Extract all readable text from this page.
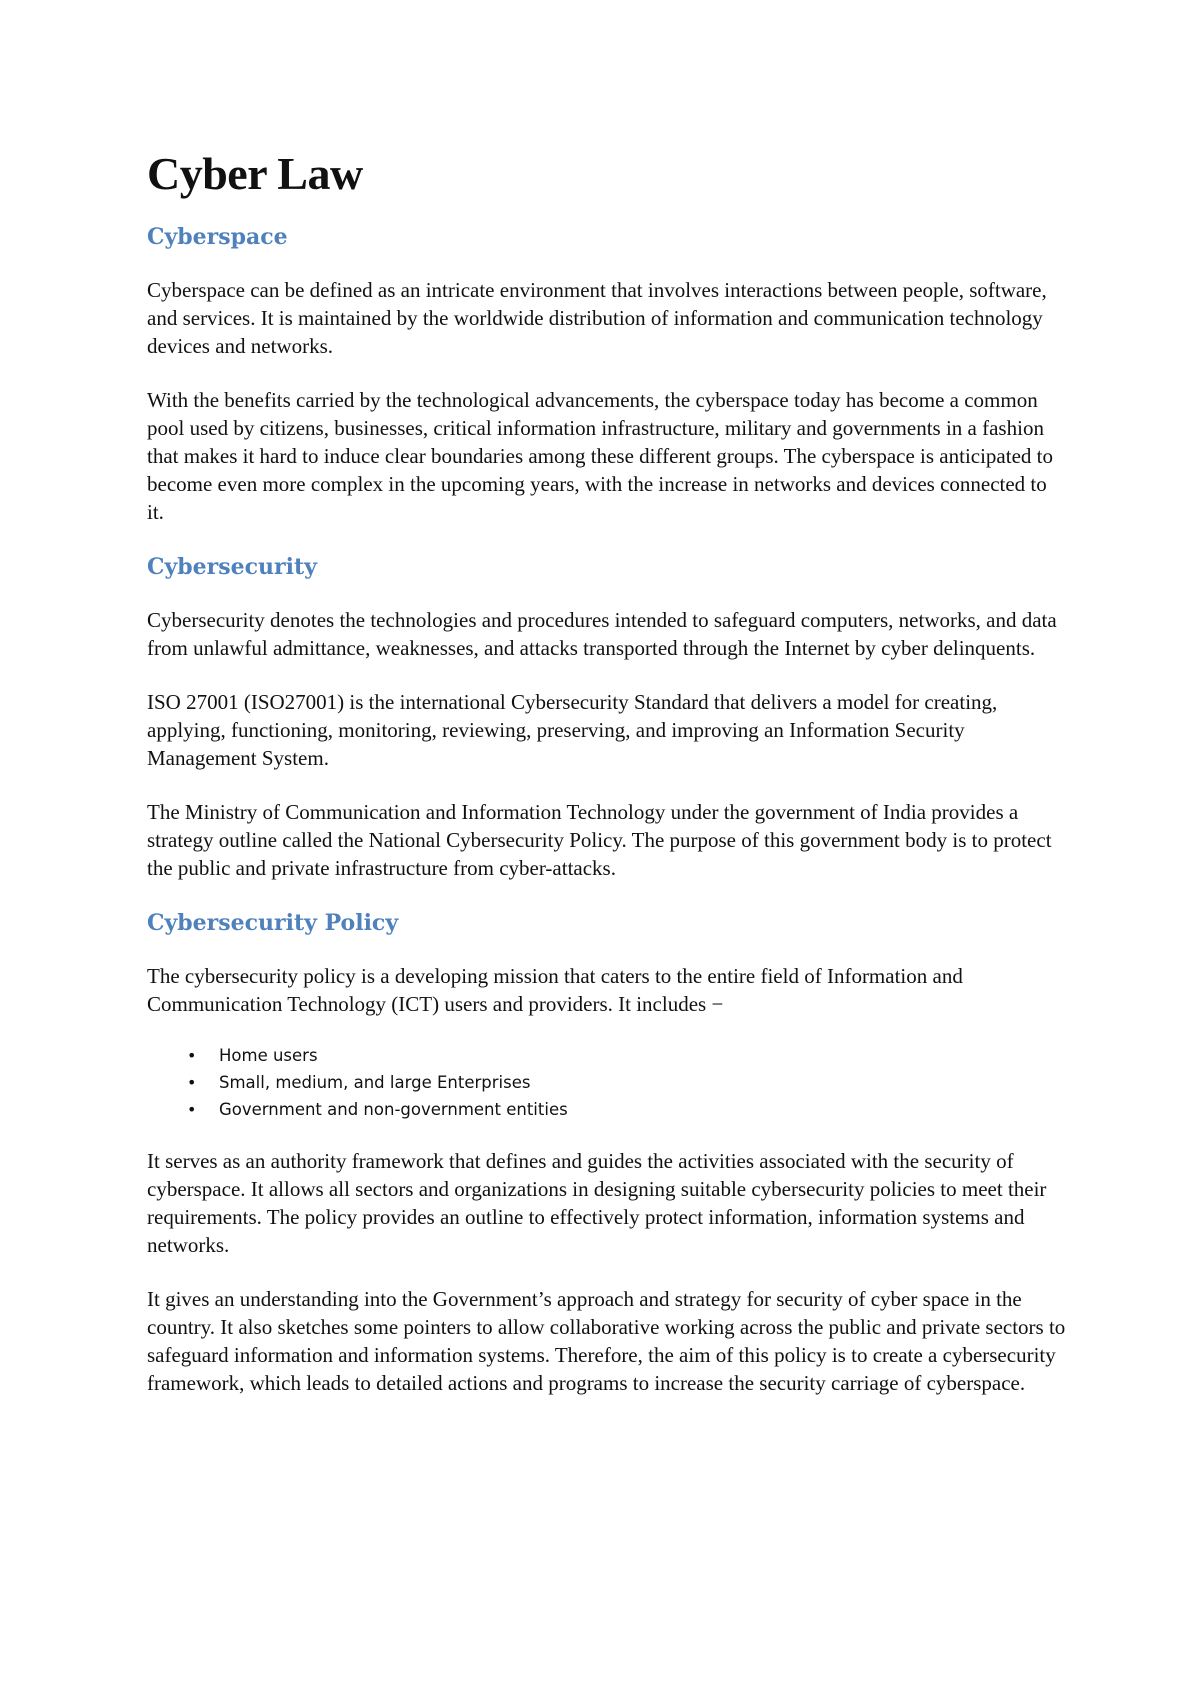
Cyber Law
Cyberspace

Cyberspace can be defined as an intricate environment that involves interactions between people, software, and services. It is maintained by the worldwide distribution of information and communication technology devices and networks.

With the benefits carried by the technological advancements, the cyberspace today has become a common pool used by citizens, businesses, critical information infrastructure, military and governments in a fashion that makes it hard to induce clear boundaries among these different groups. The cyberspace is anticipated to become even more complex in the upcoming years, with the increase in networks and devices connected to it.

Cybersecurity

Cybersecurity denotes the technologies and procedures intended to safeguard computers, networks, and data from unlawful admittance, weaknesses, and attacks transported through the Internet by cyber delinquents.

ISO 27001 (ISO27001) is the international Cybersecurity Standard that delivers a model for creating, applying, functioning, monitoring, reviewing, preserving, and improving an Information Security Management System.

The Ministry of Communication and Information Technology under the government of India provides a strategy outline called the National Cybersecurity Policy. The purpose of this government body is to protect the public and private infrastructure from cyber-attacks.

Cybersecurity Policy

The cybersecurity policy is a developing mission that caters to the entire field of Information and Communication Technology (ICT) users and providers. It includes −

• Home users
• Small, medium, and large Enterprises
• Government and non-government entities

It serves as an authority framework that defines and guides the activities associated with the security of cyberspace. It allows all sectors and organizations in designing suitable cybersecurity policies to meet their requirements. The policy provides an outline to effectively protect information, information systems and networks.

It gives an understanding into the Government’s approach and strategy for security of cyber space in the country. It also sketches some pointers to allow collaborative working across the public and private sectors to safeguard information and information systems. Therefore, the aim of this policy is to create a cybersecurity framework, which leads to detailed actions and programs to increase the security carriage of cyberspace.
